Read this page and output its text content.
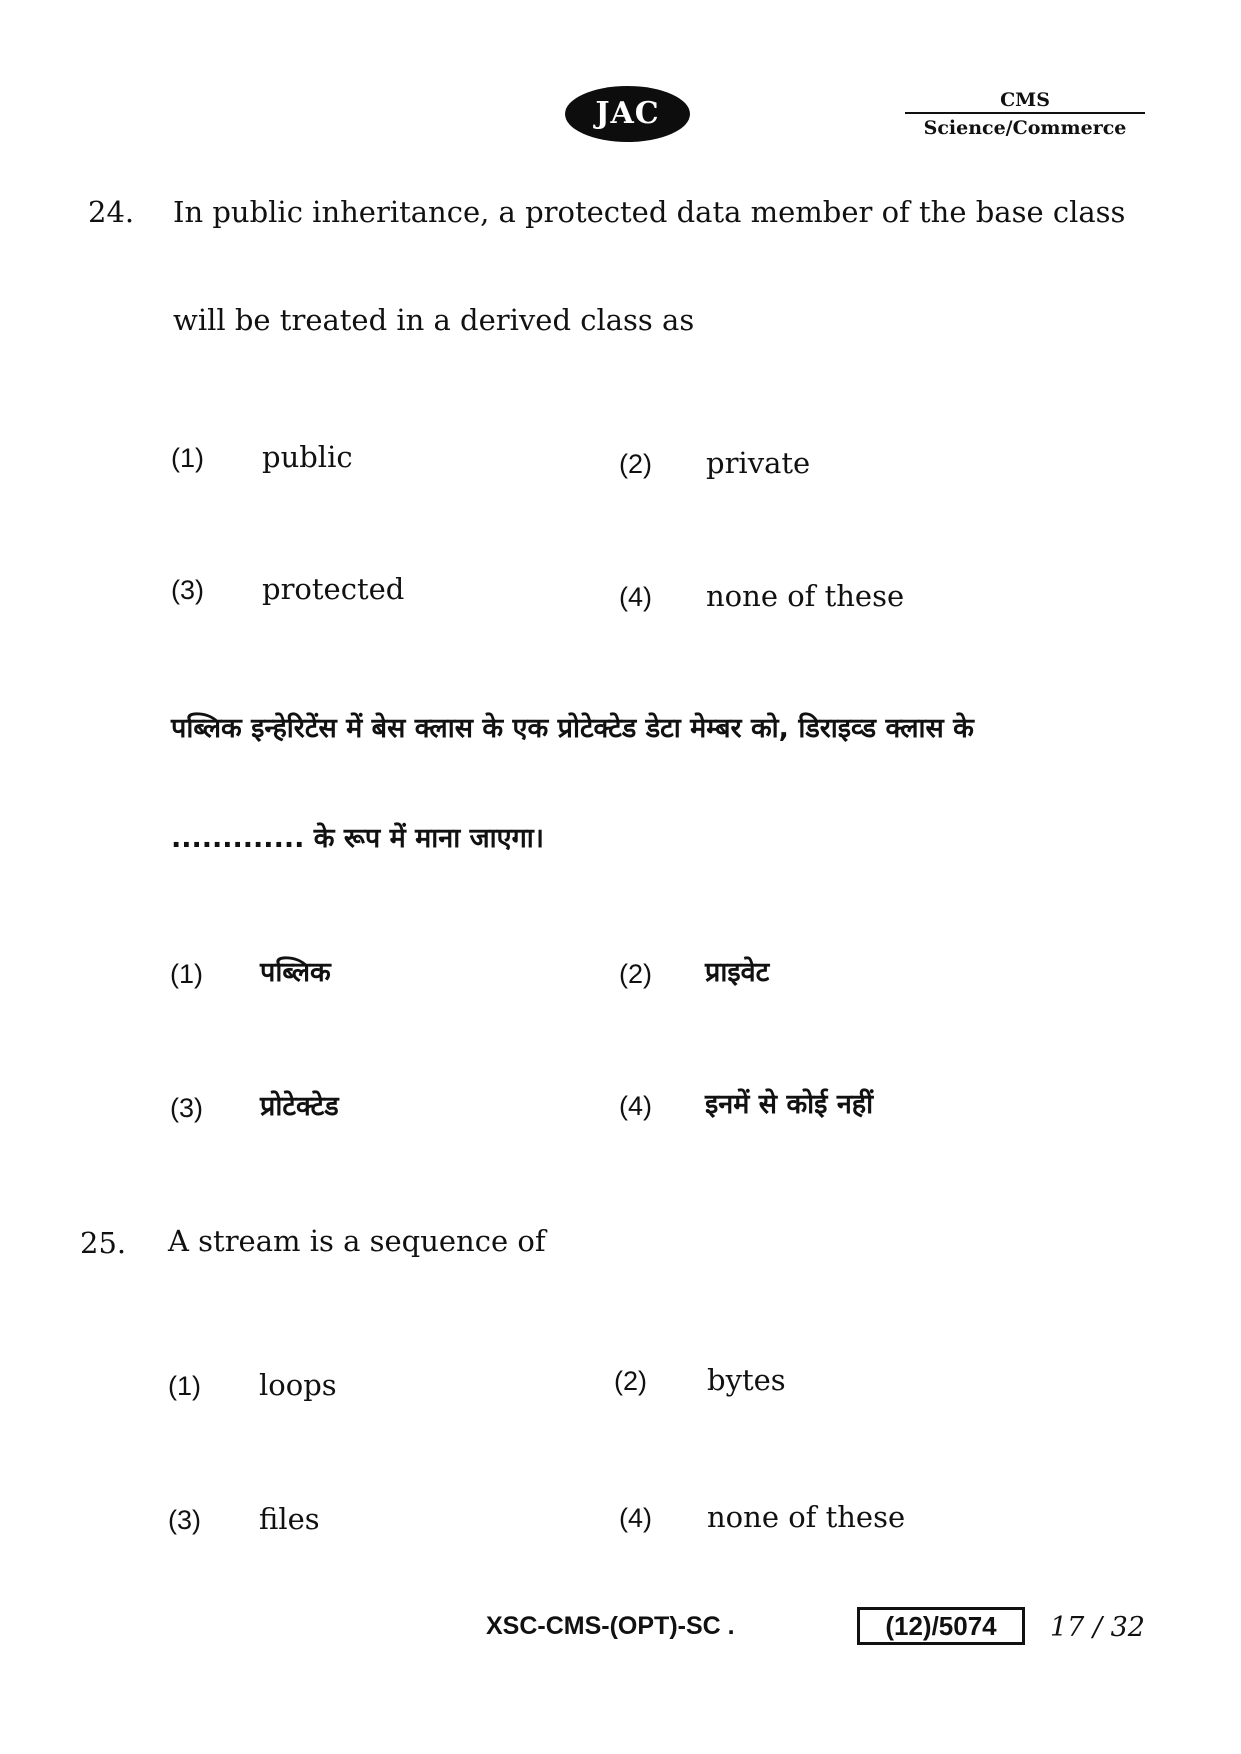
JAC	CMS
Science/Commerce
24. In public inheritance, a protected data member of the base class
will be treated in a derived class as
(1) public	(2) private
(3) protected	(4) none of these
पब्लिक इन्हेरिटेंस में बेस क्लास के एक प्रोटेक्टेड डेटा मेम्बर को, डिराइव्ड क्लास के
............. के रूप में माना जाएगा।
(1) पब्लिक	(2) प्राइवेट
(3) प्रोटेक्टेड	(4) इनमें से कोई नहीं
25. A stream is a sequence of
(1) loops	(2) bytes
(3) files	(4) none of these
XSC-CMS-(OPT)-SC .	(12)/5074	17 / 32
